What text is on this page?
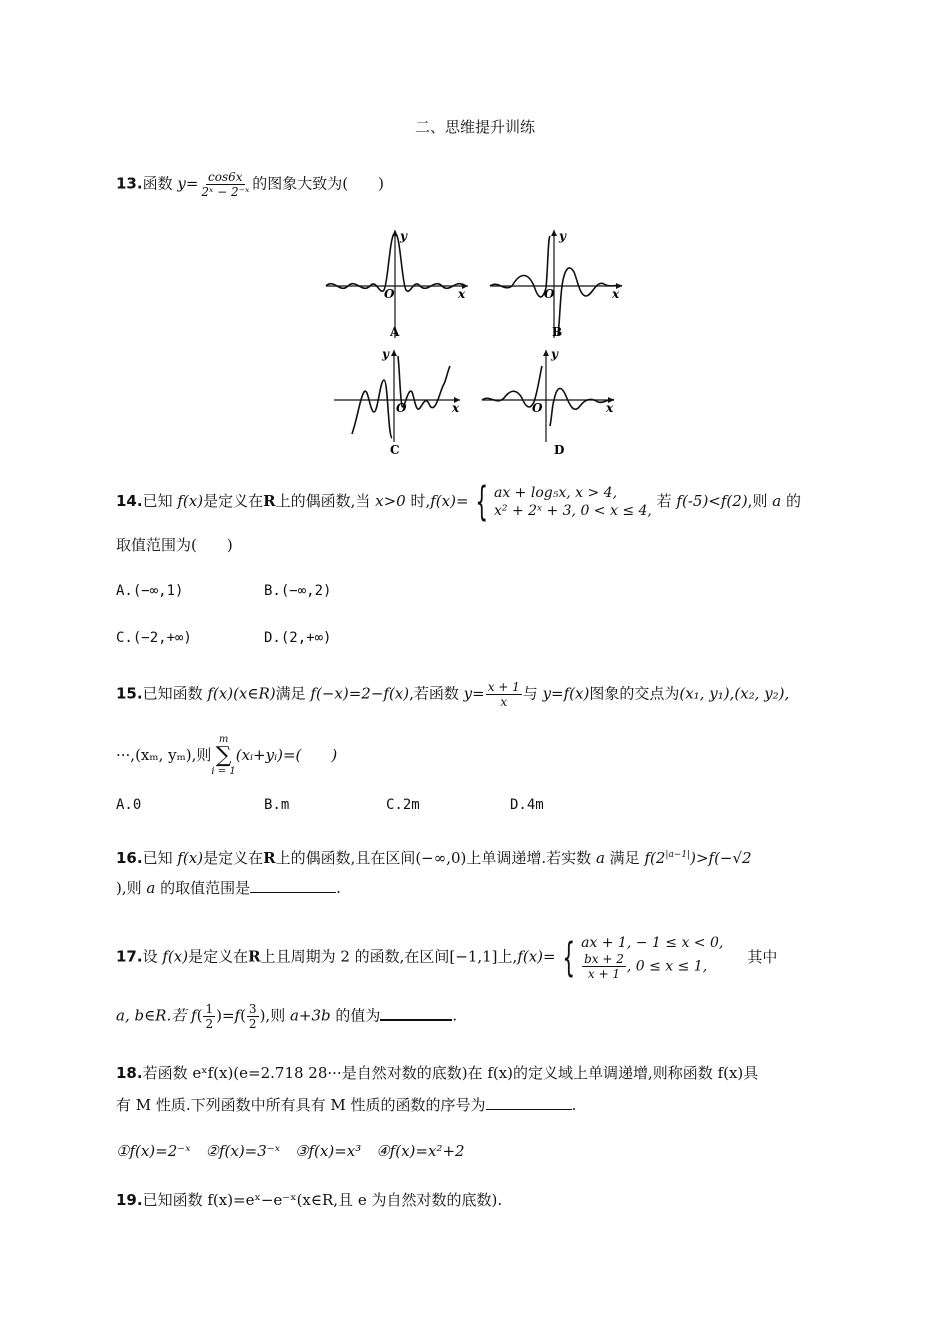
二、思维提升训练
13.函数 $y= \frac{\cos 6x}{\text{2ˣ − 2⁻ˣ}}$ 的图象大致为(　　)
y
x
O
A
y
x
O
B
y
x
O
C
y
x
O
D
14.已知 f(x)是定义在R上的偶函数,当 x>0 时,f(x)= { ax + log₅x, x > 4,
x² + 2ˣ + 3, 0 < x ≤ 4,
若 f(-5)<f(2),则 a 的
取值范围为(　　)
A.(−∞,1)	B.(−∞,2)
C.(−2,+∞)	D.(2,+∞)
15.已知函数 f(x)(x∈R)满足 f(−x)=2−f(x),若函数 $y= \frac{x + 1}{x}$ 与 y=f(x)图象的交点为(x₁, y₁),(x₂, y₂),
···,(xₘ, yₘ),则
m
∑
i = 1
(xᵢ+yᵢ)=(　　)
A.0	B.m	C.2m	D.4m
16.已知 f(x)是定义在R上的偶函数,且在区间(−∞,0)上单调递增.若实数 a 满足 $f(2^{|a-1|})>f(-√2$
),则 a 的取值范围是	.
17.设 f(x)是定义在R上且周期为 2 的函数,在区间[−1,1]上,f(x)= { ax + 1, − 1 ≤ x < 0,
$\frac{bx + 2}{x + 1}$ , 0 ≤ x ≤ 1,
其中
a, b∈R.若 $f( \frac{1}{2} )=f( \frac{3}{2}$ ),则 a+3b 的值为	.
18.若函数 eˣf(x)(e=2.718 28···是自然对数的底数)在 f(x)的定义域上单调递增,则称函数 f(x)具
有 M 性质.下列函数中所有具有 M 性质的函数的序号为	.
①f(x)=2⁻ˣ　②f(x)=3⁻ˣ　③f(x)=x³　④f(x)=x²+2
19.已知函数 f(x)=eˣ−e⁻ˣ(x∈R,且 e 为自然对数的底数).
